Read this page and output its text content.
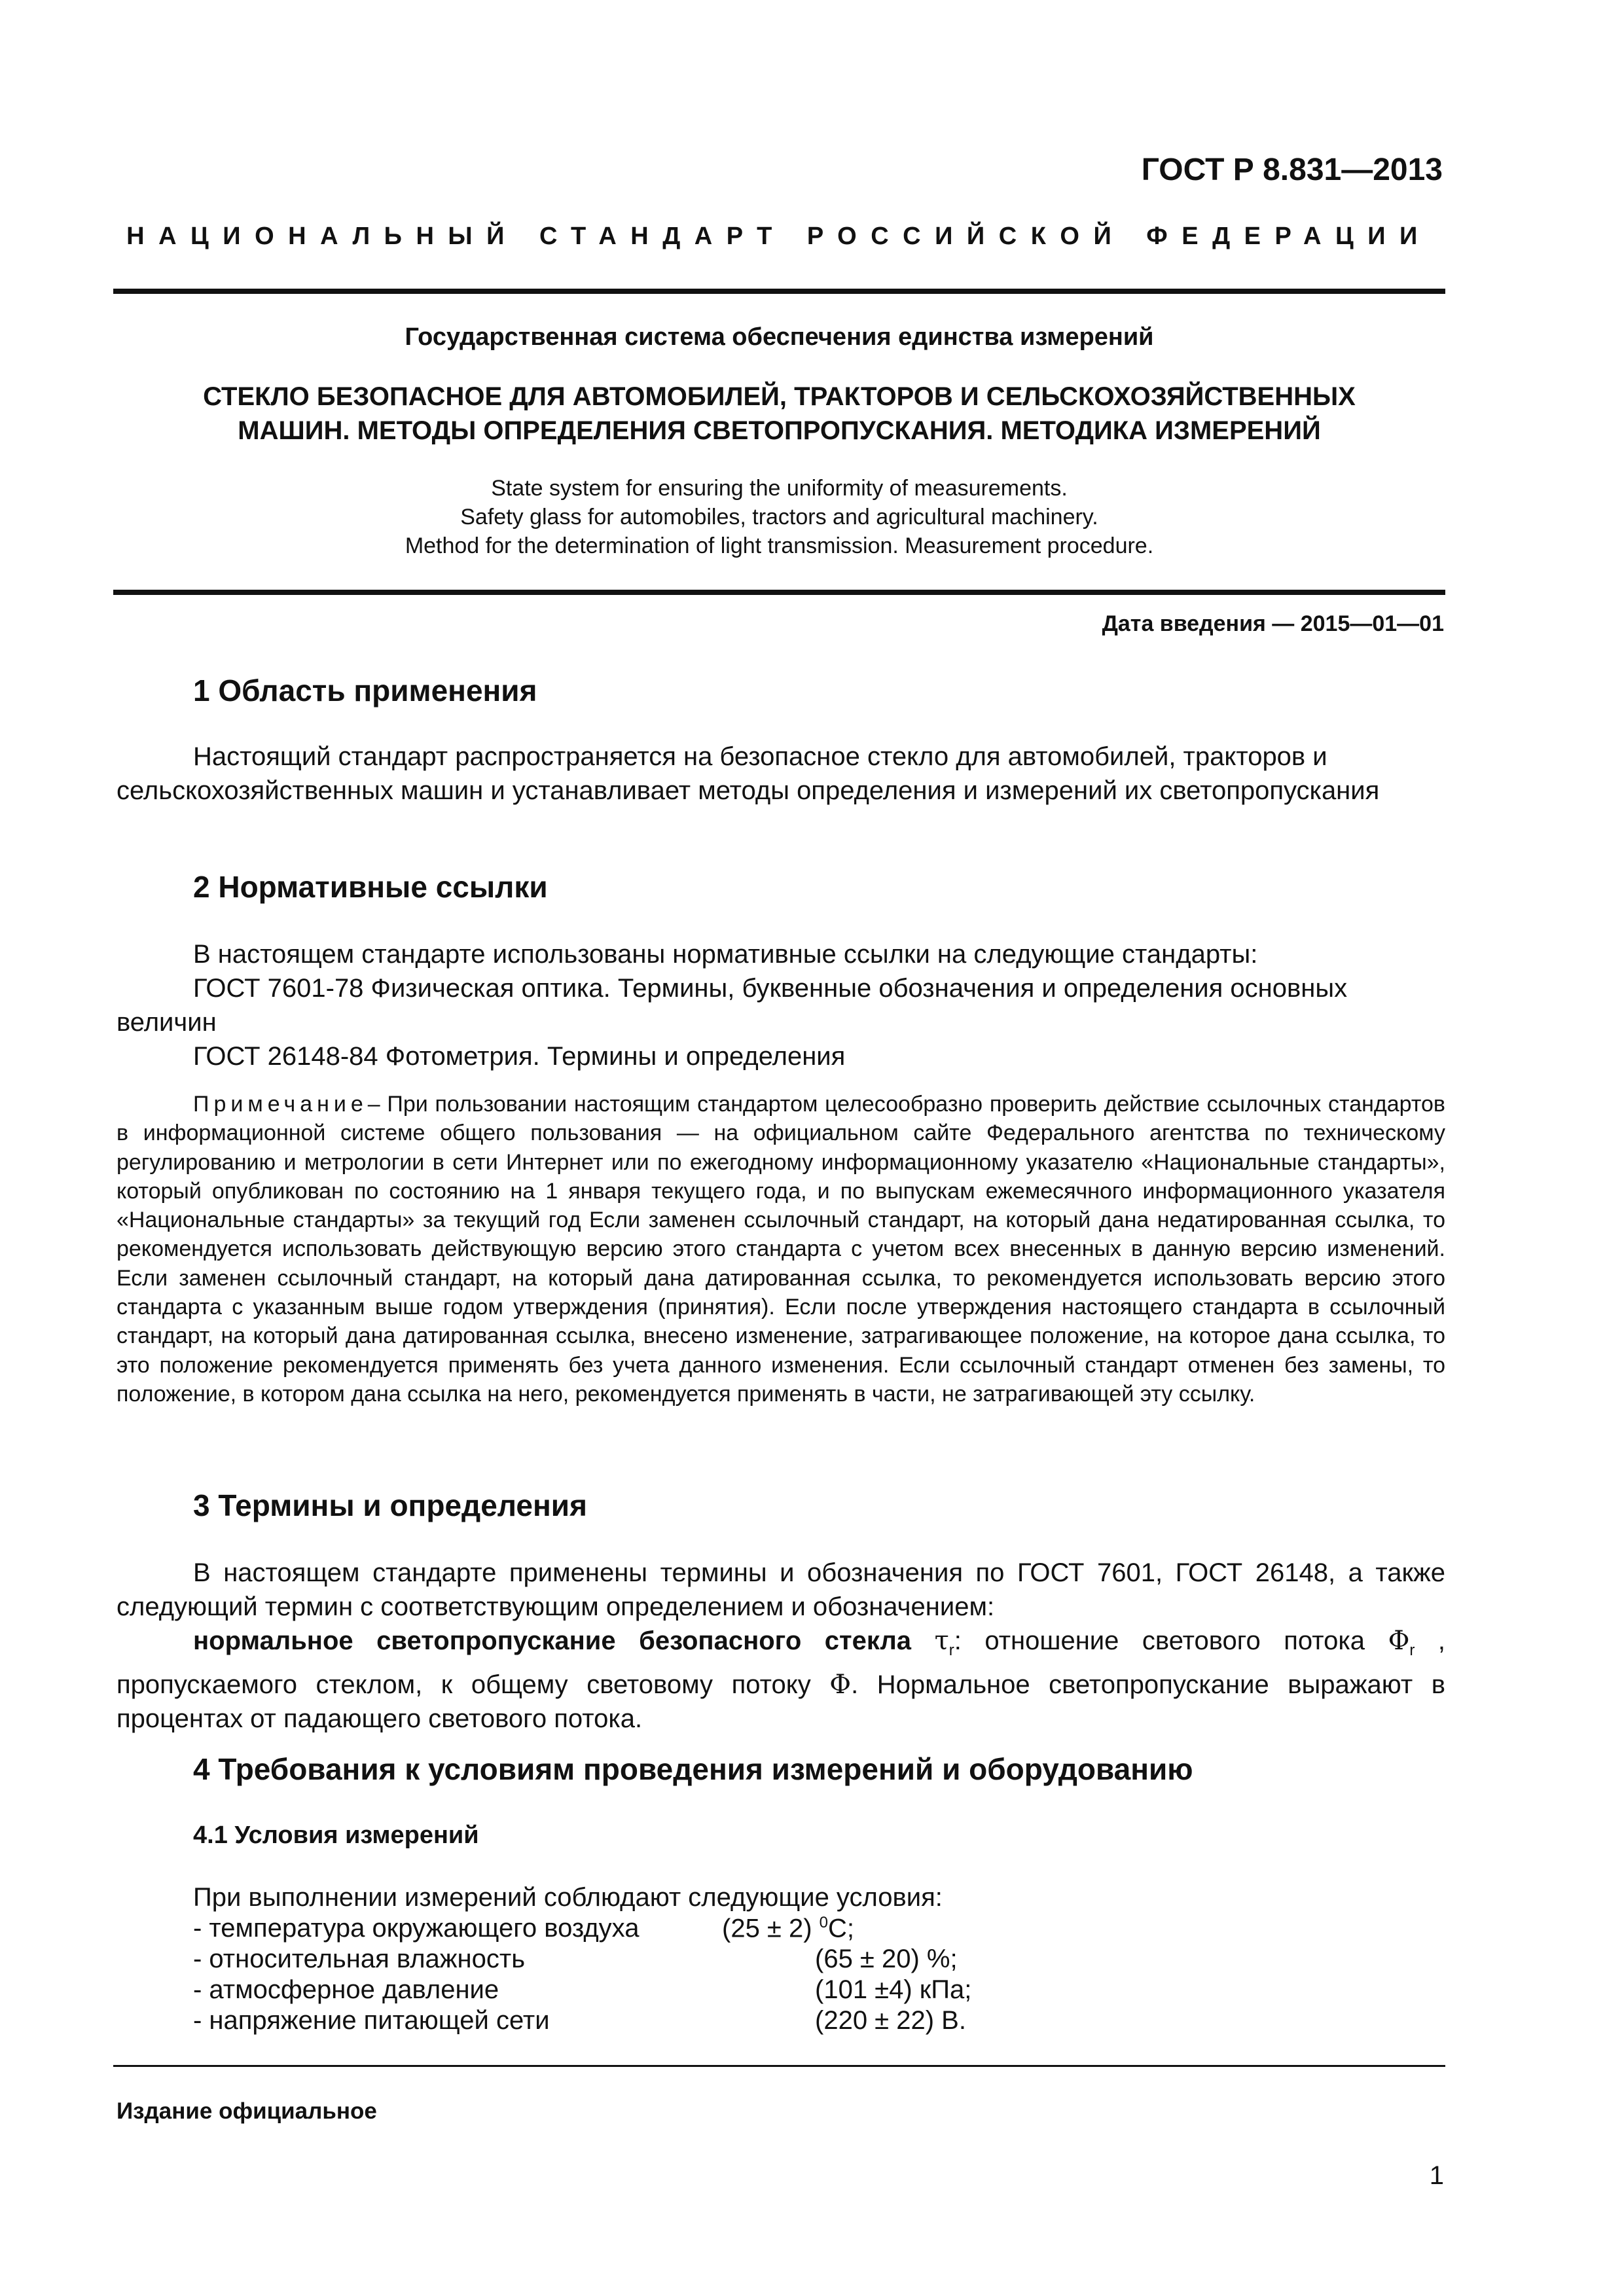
ГОСТ Р 8.831—2013
НАЦИОНАЛЬНЫЙ СТАНДАРТ РОССИЙСКОЙ ФЕДЕРАЦИИ
Государственная система обеспечения единства измерений
СТЕКЛО БЕЗОПАСНОЕ ДЛЯ АВТОМОБИЛЕЙ, ТРАКТОРОВ И СЕЛЬСКОХОЗЯЙСТВЕННЫХ
МАШИН. МЕТОДЫ ОПРЕДЕЛЕНИЯ СВЕТОПРОПУСКАНИЯ. МЕТОДИКА ИЗМЕРЕНИЙ
State system for ensuring the uniformity of measurements.
Safety glass for automobiles, tractors and agricultural machinery.
Method for the determination of light transmission. Measurement procedure.
Дата введения — 2015—01—01
1 Область применения

Настоящий стандарт распространяется на безопасное стекло для автомобилей, тракторов и сельскохозяйственных машин и устанавливает методы определения и измерений их светопропускания

2 Нормативные ссылки

В настоящем стандарте использованы нормативные ссылки на следующие стандарты:

ГОСТ 7601-78 Физическая оптика. Термины, буквенные обозначения и определения основных величин

ГОСТ 26148-84 Фотометрия. Термины и определения

Примечание– При пользовании настоящим стандартом целесообразно проверить действие ссылочных стандартов в информационной системе общего пользования — на официальном сайте Федерального агентства по техническому регулированию и метрологии в сети Интернет или по ежегодному информационному указателю «Национальные стандарты», который опубликован по состоянию на 1 января текущего года, и по выпускам ежемесячного информационного указателя «Национальные стандарты» за текущий год Если заменен ссылочный стандарт, на который дана недатированная ссылка, то рекомендуется использовать действующую версию этого стандарта с учетом всех внесенных в данную версию изменений. Если заменен ссылочный стандарт, на который дана датированная ссылка, то рекомендуется использовать версию этого стандарта с указанным выше годом утверждения (принятия). Если после утверждения настоящего стандарта в ссылочный стандарт, на который дана датированная ссылка, внесено изменение, затрагивающее положение, на которое дана ссылка, то это положение рекомендуется применять без учета данного изменения. Если ссылочный стандарт отменен без замены, то положение, в котором дана ссылка на него, рекомендуется применять в части, не затрагивающей эту ссылку.
3 Термины и определения

В настоящем стандарте применены термины и обозначения по ГОСТ 7601, ГОСТ 26148, а также следующий термин с соответствующим определением и обозначением:

нормальное светопропускание безопасного стекла $\tau_r$: отношение светового потока $\Phi_r$ , пропускаемого стеклом, к общему световому потоку Φ. Нормальное светопропускание выражают в процентах от падающего светового потока.

4 Требования к условиям проведения измерений и оборудованию
4.1 Условия измерений
При выполнении измерений соблюдают следующие условия:
- температура окружающего воздуха	(25 ± 2) $^0$С;
- относительная влажность	(65 ± 20) %;
- атмосферное давление	(101 ±4) кПа;
- напряжение питающей сети	(220 ± 22) В.
Издание официальное
1
